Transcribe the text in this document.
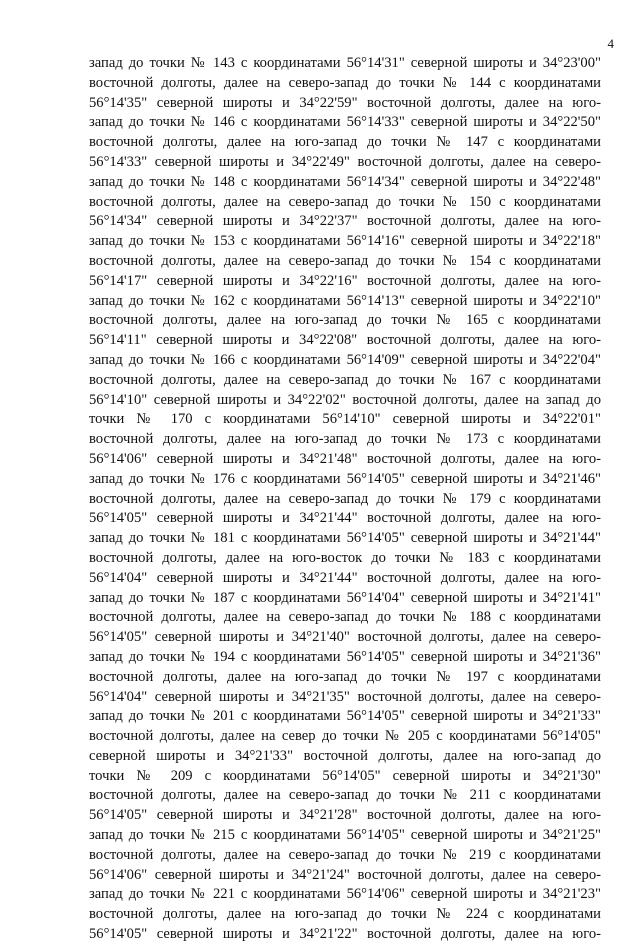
4
запад до точки № 143 с координатами 56°14'31" северной широты и 34°23'00"
восточной долготы, далее на северо-запад до точки № 144 с координатами
56°14'35" северной широты и 34°22'59" восточной долготы, далее на юго-
запад до точки № 146 с координатами 56°14'33" северной широты и 34°22'50"
восточной долготы, далее на юго-запад до точки № 147 с координатами
56°14'33" северной широты и 34°22'49" восточной долготы, далее на северо-
запад до точки № 148 с координатами 56°14'34" северной широты и 34°22'48"
восточной долготы, далее на северо-запад до точки № 150 с координатами
56°14'34" северной широты и 34°22'37" восточной долготы, далее на юго-
запад до точки № 153 с координатами 56°14'16" северной широты и 34°22'18"
восточной долготы, далее на северо-запад до точки № 154 с координатами
56°14'17" северной широты и 34°22'16" восточной долготы, далее на юго-
запад до точки № 162 с координатами 56°14'13" северной широты и 34°22'10"
восточной долготы, далее на юго-запад до точки № 165 с координатами
56°14'11" северной широты и 34°22'08" восточной долготы, далее на юго-
запад до точки № 166 с координатами 56°14'09" северной широты и 34°22'04"
восточной долготы, далее на северо-запад до точки № 167 с координатами
56°14'10" северной широты и 34°22'02" восточной долготы, далее на запад до
точки № 170 с координатами 56°14'10" северной широты и 34°22'01"
восточной долготы, далее на юго-запад до точки № 173 с координатами
56°14'06" северной широты и 34°21'48" восточной долготы, далее на юго-
запад до точки № 176 с координатами 56°14'05" северной широты и 34°21'46"
восточной долготы, далее на северо-запад до точки № 179 с координатами
56°14'05" северной широты и 34°21'44" восточной долготы, далее на юго-
запад до точки № 181 с координатами 56°14'05" северной широты и 34°21'44"
восточной долготы, далее на юго-восток до точки № 183 с координатами
56°14'04" северной широты и 34°21'44" восточной долготы, далее на юго-
запад до точки № 187 с координатами 56°14'04" северной широты и 34°21'41"
восточной долготы, далее на северо-запад до точки № 188 с координатами
56°14'05" северной широты и 34°21'40" восточной долготы, далее на северо-
запад до точки № 194 с координатами 56°14'05" северной широты и 34°21'36"
восточной долготы, далее на юго-запад до точки № 197 с координатами
56°14'04" северной широты и 34°21'35" восточной долготы, далее на северо-
запад до точки № 201 с координатами 56°14'05" северной широты и 34°21'33"
восточной долготы, далее на север до точки № 205 с координатами 56°14'05"
северной широты и 34°21'33" восточной долготы, далее на юго-запад до
точки № 209 с координатами 56°14'05" северной широты и 34°21'30"
восточной долготы, далее на северо-запад до точки № 211 с координатами
56°14'05" северной широты и 34°21'28" восточной долготы, далее на юго-
запад до точки № 215 с координатами 56°14'05" северной широты и 34°21'25"
восточной долготы, далее на северо-запад до точки № 219 с координатами
56°14'06" северной широты и 34°21'24" восточной долготы, далее на северо-
запад до точки № 221 с координатами 56°14'06" северной широты и 34°21'23"
восточной долготы, далее на юго-запад до точки № 224 с координатами
56°14'05" северной широты и 34°21'22" восточной долготы, далее на юго-
